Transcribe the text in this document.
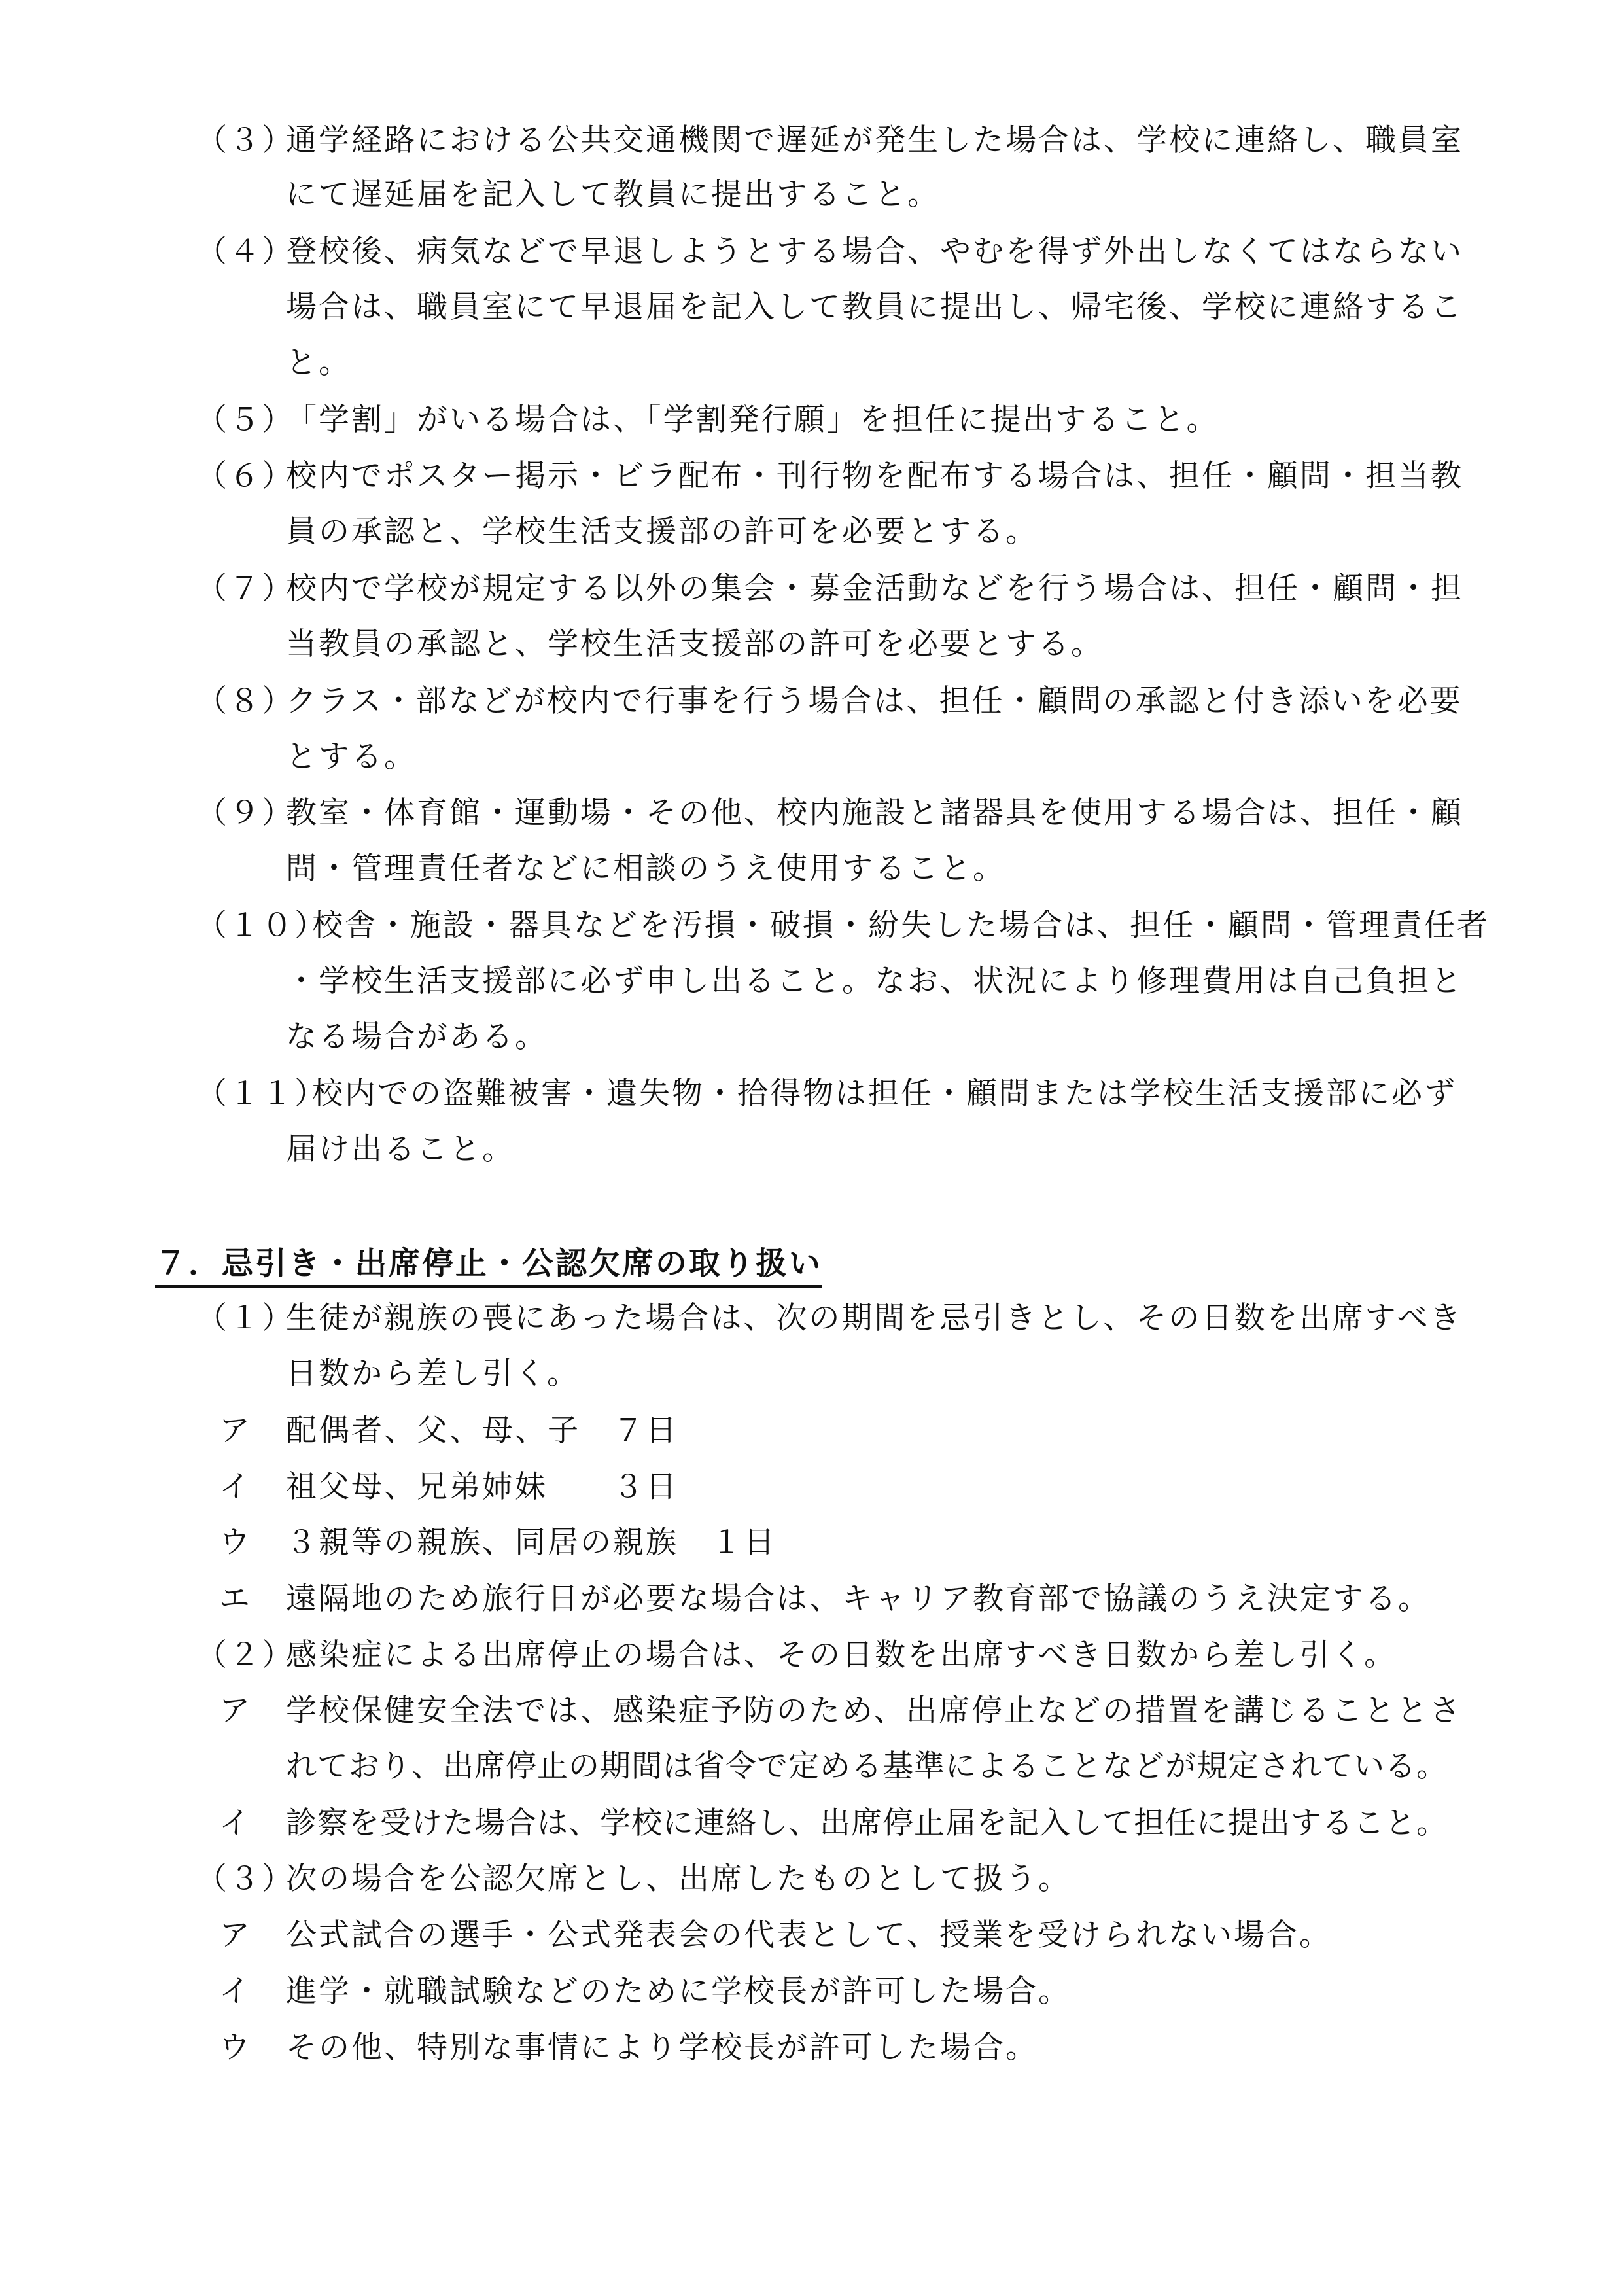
（３）
通学経路における公共交通機関で遅延が発生した場合は、学校に連絡し、職員室
にて遅延届を記入して教員に提出すること。
（４）
登校後、病気などで早退しようとする場合、やむを得ず外出しなくてはならない
場合は、職員室にて早退届を記入して教員に提出し、帰宅後、学校に連絡するこ
と。
（５）
「学割」がいる場合は、「学割発行願」を担任に提出すること。
（６）
校内でポスター掲示・ビラ配布・刊行物を配布する場合は、担任・顧問・担当教
員の承認と、学校生活支援部の許可を必要とする。
（７）
校内で学校が規定する以外の集会・募金活動などを行う場合は、担任・顧問・担
当教員の承認と、学校生活支援部の許可を必要とする。
（８）
クラス・部などが校内で行事を行う場合は、担任・顧問の承認と付き添いを必要
とする。
（９）
教室・体育館・運動場・その他、校内施設と諸器具を使用する場合は、担任・顧
問・管理責任者などに相談のうえ使用すること。
（１０）
校舎・施設・器具などを汚損・破損・紛失した場合は、担任・顧問・管理責任者
・学校生活支援部に必ず申し出ること。なお、状況により修理費用は自己負担と
なる場合がある。
（１１）
校内での盗難被害・遺失物・拾得物は担任・顧問または学校生活支援部に必ず
届け出ること。
７．忌引き・出席停止・公認欠席の取り扱い
（１）
生徒が親族の喪にあった場合は、次の期間を忌引きとし、その日数を出席すべき
日数から差し引く。
ア 配偶者、父、母、子　７日
イ 祖父母、兄弟姉妹　　３日
ウ ３親等の親族、同居の親族　１日
エ 遠隔地のため旅行日が必要な場合は、キャリア教育部で協議のうえ決定する。
（２）
感染症による出席停止の場合は、その日数を出席すべき日数から差し引く。
ア 学校保健安全法では、感染症予防のため、出席停止などの措置を講じることとさ
れており、出席停止の期間は省令で定める基準によることなどが規定されている。
イ 診察を受けた場合は、学校に連絡し、出席停止届を記入して担任に提出すること。
（３）
次の場合を公認欠席とし、出席したものとして扱う。
ア 公式試合の選手・公式発表会の代表として、授業を受けられない場合。
イ 進学・就職試験などのために学校長が許可した場合。
ウ その他、特別な事情により学校長が許可した場合。
